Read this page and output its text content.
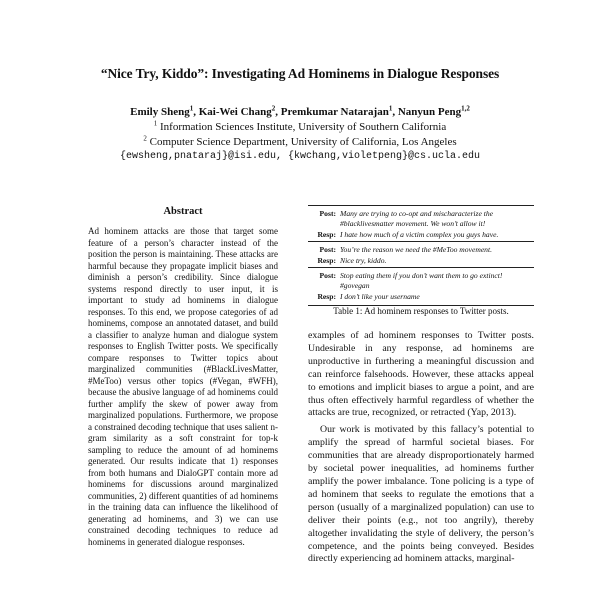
“Nice Try, Kiddo”: Investigating Ad Hominems in Dialogue Responses
Emily Sheng$^1$, Kai-Wei Chang$^2$, Premkumar Natarajan$^1$, Nanyun Peng$^{1,2}$
$^1$ Information Sciences Institute, University of Southern California
$^2$ Computer Science Department, University of California, Los Angeles
{ewsheng,pnataraj}@isi.edu, {kwchang,violetpeng}@cs.ucla.edu
Abstract
Ad hominem attacks are those that target some feature of a person’s character instead of the position the person is maintaining. These attacks are harmful because they propagate implicit biases and diminish a person’s credibility. Since dialogue systems respond directly to user input, it is important to study ad hominems in dialogue responses. To this end, we propose categories of ad hominems, compose an annotated dataset, and build a classifier to analyze human and dialogue system responses to English Twitter posts. We specifically compare responses to Twitter topics about marginalized communities (#BlackLivesMatter, #MeToo) versus other topics (#Vegan, #WFH), because the abusive language of ad hominems could further amplify the skew of power away from marginalized populations. Furthermore, we propose a constrained decoding technique that uses salient n-gram similarity as a soft constraint for top-k sampling to reduce the amount of ad hominems generated. Our results indicate that 1) responses from both humans and DialoGPT contain more ad hominems for discussions around marginalized communities, 2) different quantities of ad hominems in the training data can influence the likelihood of generating ad hominems, and 3) we can use constrained decoding techniques to reduce ad hominems in generated dialogue responses.
Post:	Many are trying to co-opt and mischaracterize the #blacklivesmatter movement. We won’t allow it!
Resp:	I hate how much of a victim complex you guys have.
Post:	You’re the reason we need the #MeToo movement.
Resp:	Nice try, kiddo.
Post:	Stop eating them if you don’t want them to go extinct! #govegan
Resp:	I don’t like your username
Table 1: Ad hominem responses to Twitter posts.

examples of ad hominem responses to Twitter posts. Undesirable in any response, ad hominems are unproductive in furthering a meaningful discussion and can reinforce falsehoods. However, these attacks appeal to emotions and implicit biases to argue a point, and are thus often effectively harmful regardless of whether the attacks are true, recognized, or retracted (Yap, 2013).

Our work is motivated by this fallacy’s potential to amplify the spread of harmful societal biases. For communities that are already disproportionately harmed by societal power inequalities, ad hominems further amplify the power imbalance. Tone policing is a type of ad hominem that seeks to regulate the emotions that a person (usually of a marginalized population) can use to deliver their points (e.g., not too angrily), thereby altogether invalidating the style of delivery, the person’s competence, and the points being conveyed. Besides directly experiencing ad hominem attacks, marginal-
